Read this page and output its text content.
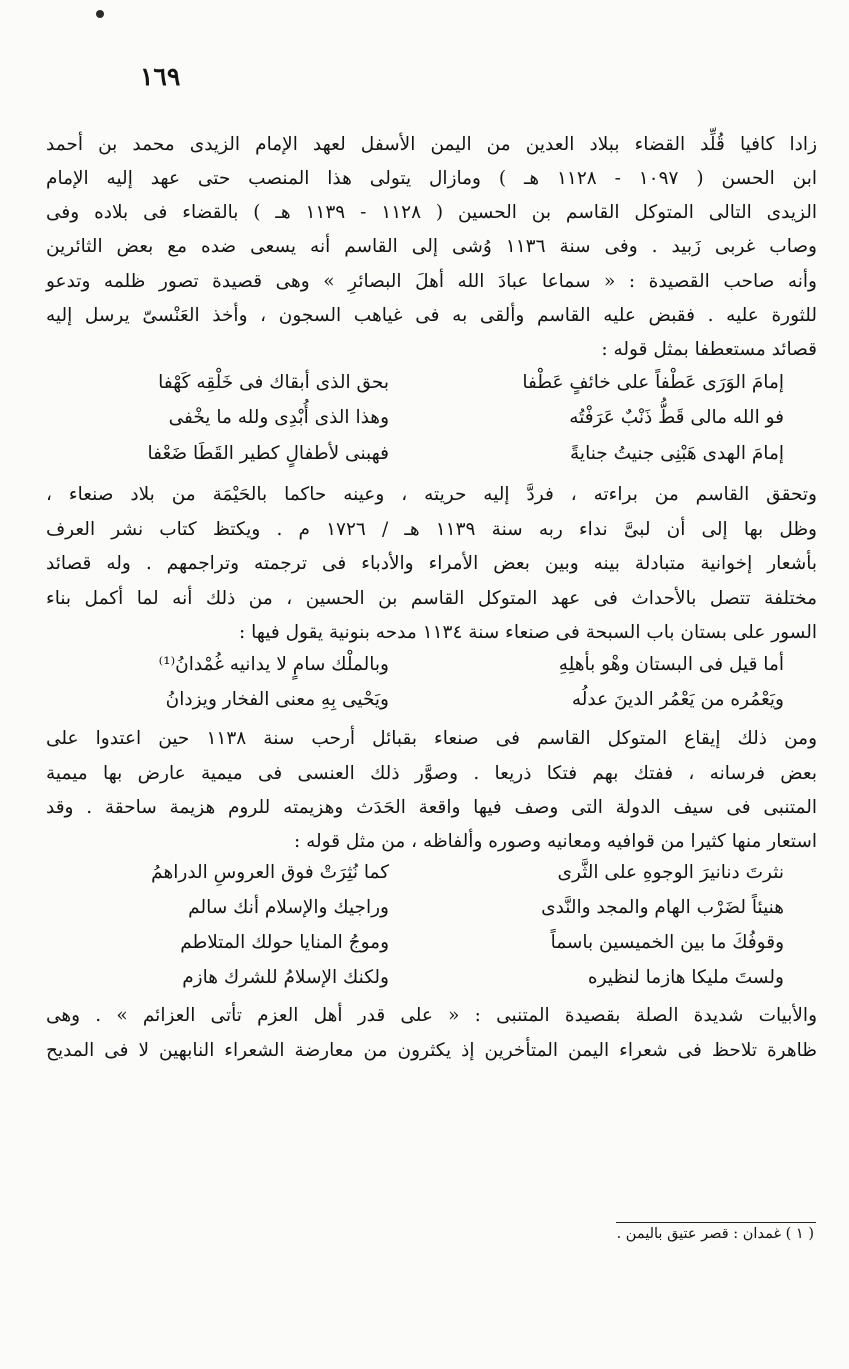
١٦٩
زادا كافيا قُلِّد القضاء ببلاد العدين من اليمن الأسفل لعهد الإمام الزيدى محمد بن أحمد
ابن الحسن ( ١٠٩٧ - ١١٢٨ هـ ) ومازال يتولى هذا المنصب حتى عهد إليه الإمام
الزيدى التالى المتوكل القاسم بن الحسين ( ١١٢٨ - ١١٣٩ هـ ) بالقضاء فى بلاده وفى
وصاب غربى زَبيد . وفى سنة ١١٣٦ وُشى إلى القاسم أنه يسعى ضده مع بعض الثائرين
وأنه صاحب القصيدة : « سماعا عبادَ الله أهلَ البصائرِ » وهى قصيدة تصور ظلمه وتدعو
للثورة عليه . فقبض عليه القاسم وألقى به فى غياهب السجون ، وأخذ العَنْسىّ يرسل إليه
قصائد مستعطفا بمثل قوله :
إمامَ الوَرَى عَطْفاً على خائفٍ عَطْفا
بحق الذى أبقاك فى خَلْقِه كَهْفا
فو الله مالى قَطُّ ذَنْبٌ عَرَفْتُه
وهذا الذى أُبْدِى ولله ما يخْفى
إمامَ الهدى هَبْنِى جنيتُ جنايةً
فهبنى لأطفالٍ كطير القَطَا ضَعْفا
وتحقق القاسم من براءته ، فردَّ إليه حريته ، وعينه حاكما بالحَيْمَة من بلاد صنعاء ،
وظل بها إلى أن لبىَّ نداء ربه سنة ١١٣٩ هـ / ١٧٢٦ م . ويكتظ كتاب نشر العرف
بأشعار إخوانية متبادلة بينه وبين بعض الأمراء والأدباء فى ترجمته وتراجمهم . وله قصائد
مختلفة تتصل بالأحداث فى عهد المتوكل القاسم بن الحسين ، من ذلك أنه لما أكمل بناء
السور على بستان باب السبحة فى صنعاء سنة ١١٣٤ مدحه بنونية يقول فيها :
أما قيل فى البستان وهْو بأهلِهِ
وبالملْك سامٍ لا يدانيه غُمْدانُ⁽¹⁾
ويَعْمُره من يَعْمُر الدينَ عدلُه
ويَحْيى بِهِ معنى الفخار ويزدانُ
ومن ذلك إيقاع المتوكل القاسم فى صنعاء بقبائل أرحب سنة ١١٣٨ حين اعتدوا على
بعض فرسانه ، ففتك بهم فتكا ذريعا . وصوَّر ذلك العنسى فى ميمية عارض بها ميمية
المتنبى فى سيف الدولة التى وصف فيها واقعة الحَدَث وهزيمته للروم هزيمة ساحقة . وقد
استعار منها كثيرا من قوافيه ومعانيه وصوره وألفاظه ، من مثل قوله :
نثرتَ دنانيرَ الوجوهِ على الثَّرى
كما نُثِرَتْ فوق العروسِ الدراهمُ
هنيئاً لضَرْب الهام والمجد والنَّدى
وراجيك والإسلام أنك سالم
وقوفُكَ ما بين الخميسين باسماً
وموجُ المنايا حولك المتلاطم
ولستَ مليكا هازما لنظيره
ولكنك الإسلامُ للشرك هازم
والأبيات شديدة الصلة بقصيدة المتنبى : « على قدر أهل العزم تأتى العزائم » . وهى
ظاهرة تلاحظ فى شعراء اليمن المتأخرين إذ يكثرون من معارضة الشعراء النابهين لا فى المديح
( ١ ) غمدان : قصر عتيق باليمن .
